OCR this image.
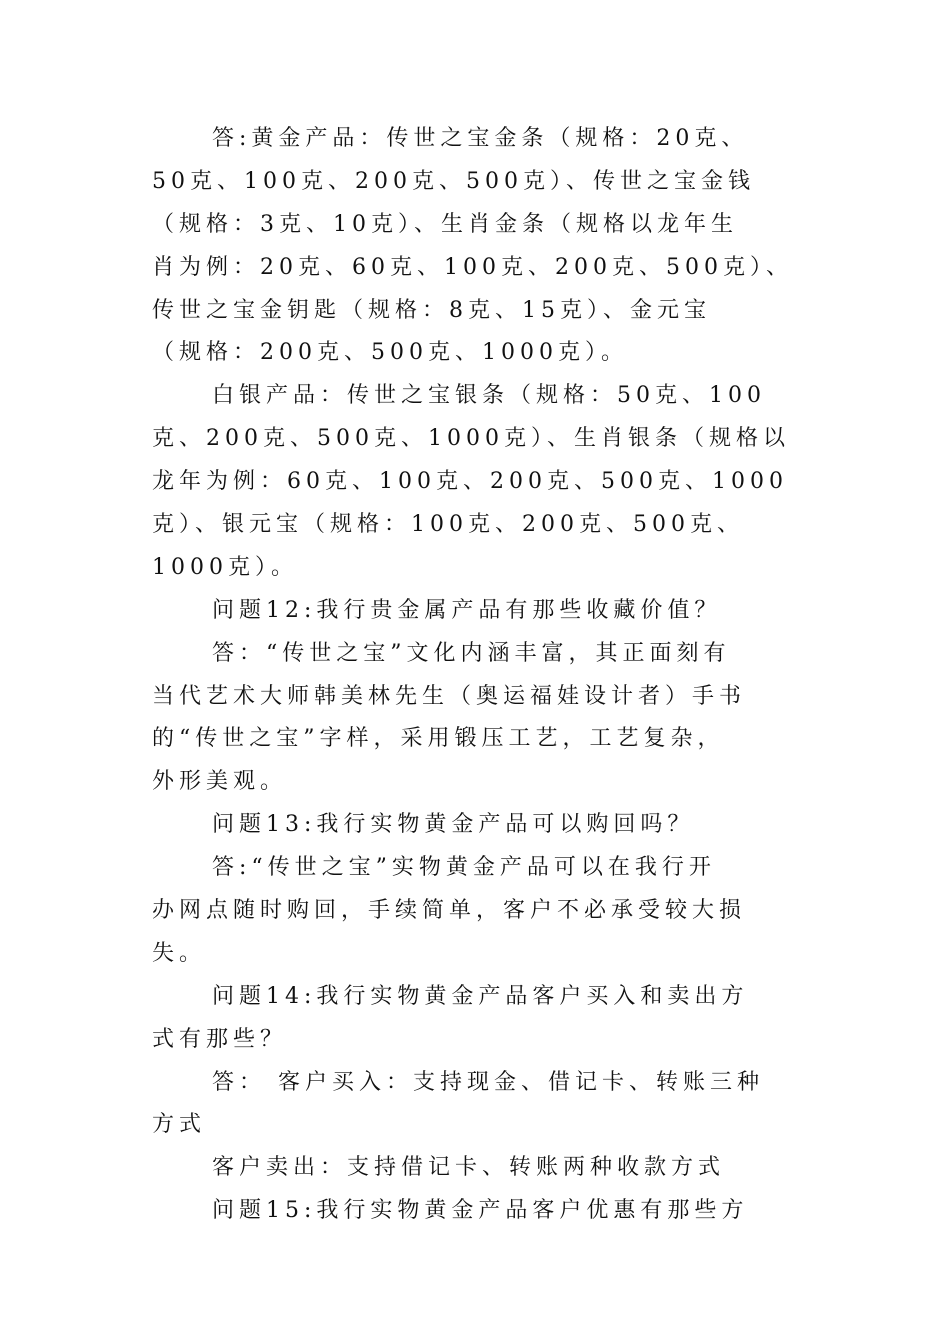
答:黄金产品：传世之宝金条（规格：20克、
50克、100克、200克、500克）、传世之宝金钱
（规格：3克、10克）、生肖金条（规格以龙年生
肖为例：20克、60克、100克、200克、500克）、
传世之宝金钥匙（规格：8克、15克）、金元宝
（规格：200克、500克、1000克）。
白银产品：传世之宝银条（规格：50克、100
克、200克、500克、1000克）、生肖银条（规格以
龙年为例：60克、100克、200克、500克、1000
克）、银元宝（规格：100克、200克、500克、
1000克）。
问题12:我行贵金属产品有那些收藏价值？
答：“传世之宝”文化内涵丰富，其正面刻有
当代艺术大师韩美林先生（奥运福娃设计者）手书
的“传世之宝”字样，采用锻压工艺，工艺复杂，
外形美观。
问题13:我行实物黄金产品可以购回吗？
答:“传世之宝”实物黄金产品可以在我行开
办网点随时购回，手续简单，客户不必承受较大损
失。
问题14:我行实物黄金产品客户买入和卖出方
式有那些？
答： 客户买入：支持现金、借记卡、转账三种
方式
客户卖出：支持借记卡、转账两种收款方式
问题15:我行实物黄金产品客户优惠有那些方
